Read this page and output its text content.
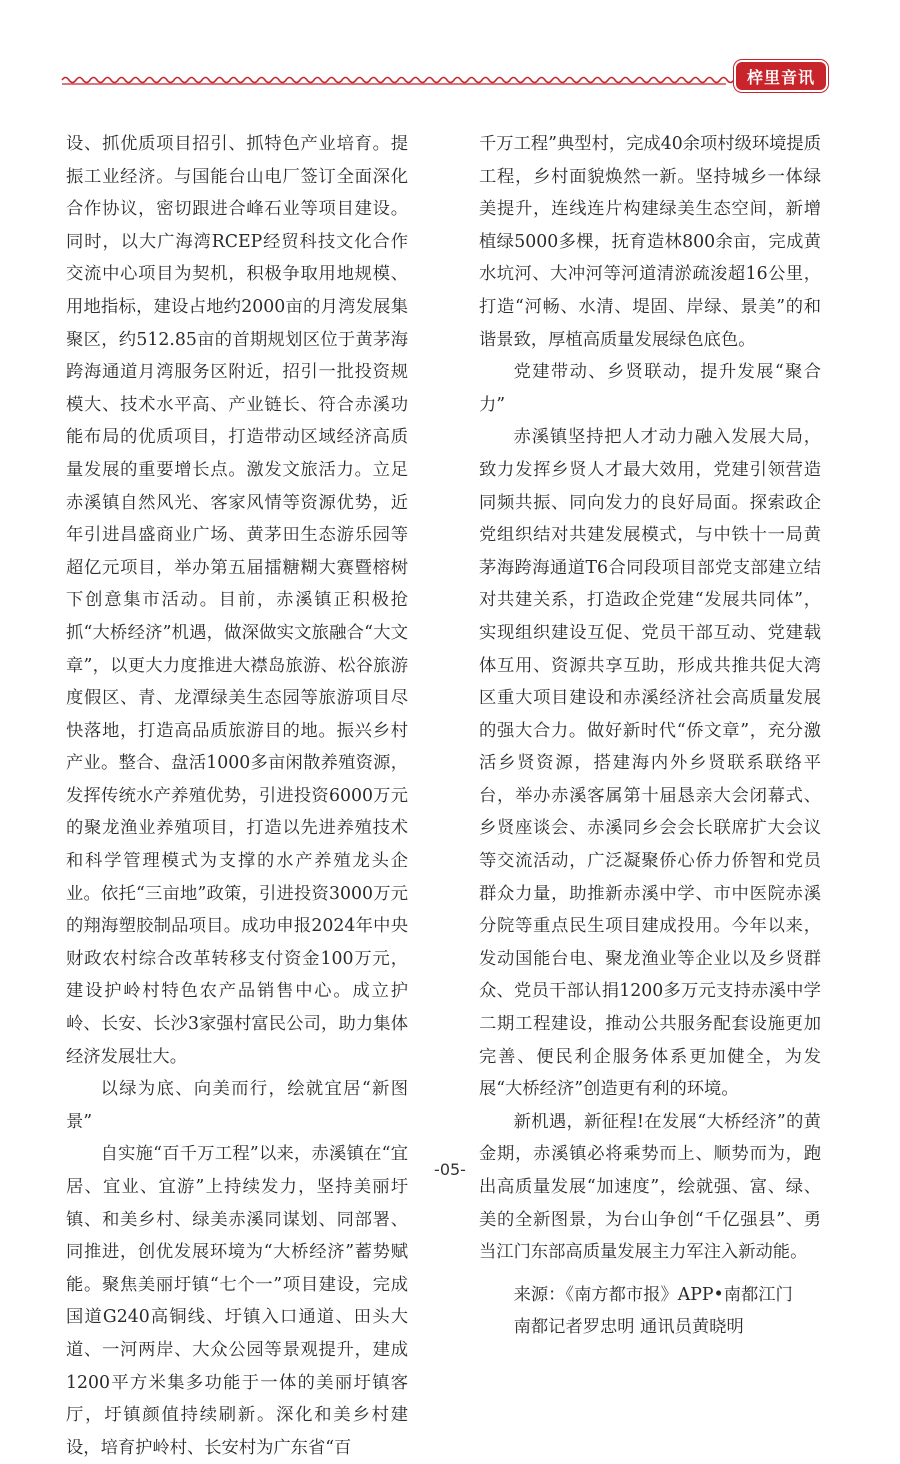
梓里音讯

设、抓优质项目招引、抓特色产业培育。提振工业经济。与国能台山电厂签订全面深化合作协议，密切跟进合峰石业等项目建设。同时，以大广海湾RCEP经贸科技文化合作交流中心项目为契机，积极争取用地规模、用地指标，建设占地约2000亩的月湾发展集聚区，约512.85亩的首期规划区位于黄茅海跨海通道月湾服务区附近，招引一批投资规模大、技术水平高、产业链长、符合赤溪功能布局的优质项目，打造带动区域经济高质量发展的重要增长点。激发文旅活力。立足赤溪镇自然风光、客家风情等资源优势，近年引进昌盛商业广场、黄茅田生态游乐园等超亿元项目，举办第五届擂糖糊大赛暨榕树下创意集市活动。目前，赤溪镇正积极抢抓“大桥经济”机遇，做深做实文旅融合“大文章”，以更大力度推进大襟岛旅游、松谷旅游度假区、青、龙潭绿美生态园等旅游项目尽快落地，打造高品质旅游目的地。振兴乡村产业。整合、盘活1000多亩闲散养殖资源，发挥传统水产养殖优势，引进投资6000万元的聚龙渔业养殖项目，打造以先进养殖技术和科学管理模式为支撑的水产养殖龙头企业。依托“三亩地”政策，引进投资3000万元的翔海塑胶制品项目。成功申报2024年中央财政农村综合改革转移支付资金100万元，建设护岭村特色农产品销售中心。成立护岭、长安、长沙3家强村富民公司，助力集体经济发展壮大。

以绿为底、向美而行，绘就宜居“新图景”

自实施“百千万工程”以来，赤溪镇在“宜居、宜业、宜游”上持续发力，坚持美丽圩镇、和美乡村、绿美赤溪同谋划、同部署、同推进，创优发展环境为“大桥经济”蓄势赋能。聚焦美丽圩镇“七个一”项目建设，完成国道G240高铜线、圩镇入口通道、田头大道、一河两岸、大众公园等景观提升，建成1200平方米集多功能于一体的美丽圩镇客厅，圩镇颜值持续刷新。深化和美乡村建设，培育护岭村、长安村为广东省“百

千万工程”典型村，完成40余项村级环境提质工程，乡村面貌焕然一新。坚持城乡一体绿美提升，连线连片构建绿美生态空间，新增植绿5000多棵，抚育造林800余亩，完成黄水坑河、大冲河等河道清淤疏浚超16公里，打造“河畅、水清、堤固、岸绿、景美”的和谐景致，厚植高质量发展绿色底色。

党建带动、乡贤联动，提升发展“聚合力”

赤溪镇坚持把人才动力融入发展大局，致力发挥乡贤人才最大效用，党建引领营造同频共振、同向发力的良好局面。探索政企党组织结对共建发展模式，与中铁十一局黄茅海跨海通道T6合同段项目部党支部建立结对共建关系，打造政企党建“发展共同体”，实现组织建设互促、党员干部互动、党建载体互用、资源共享互助，形成共推共促大湾区重大项目建设和赤溪经济社会高质量发展的强大合力。做好新时代“侨文章”，充分激活乡贤资源，搭建海内外乡贤联系联络平台，举办赤溪客属第十届恳亲大会闭幕式、乡贤座谈会、赤溪同乡会会长联席扩大会议等交流活动，广泛凝聚侨心侨力侨智和党员群众力量，助推新赤溪中学、市中医院赤溪分院等重点民生项目建成投用。今年以来，发动国能台电、聚龙渔业等企业以及乡贤群众、党员干部认捐1200多万元支持赤溪中学二期工程建设，推动公共服务配套设施更加完善、便民利企服务体系更加健全，为发展“大桥经济”创造更有利的环境。

新机遇，新征程!在发展“大桥经济”的黄金期，赤溪镇必将乘势而上、顺势而为，跑出高质量发展“加速度”，绘就强、富、绿、美的全新图景，为台山争创“千亿强县”、勇当江门东部高质量发展主力军注入新动能。

来源：《南方都市报》APP•南都江门

南都记者罗忠明 通讯员黄晓明

-05-
